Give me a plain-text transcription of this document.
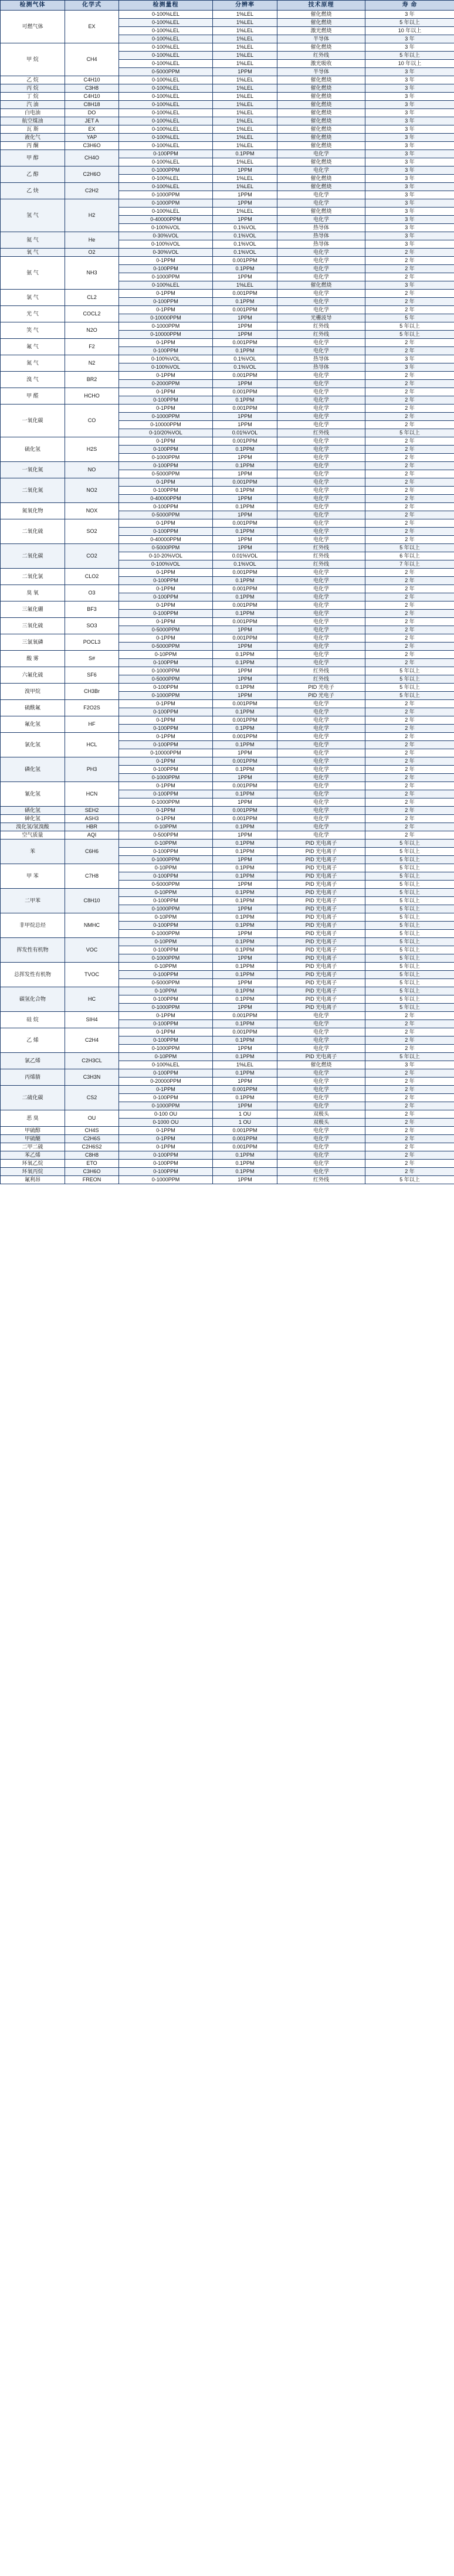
检测气体	化学式	检测量程	分辨率	技术原理	寿 命
可燃气体	EX	0-100%LEL	1%LEL	催化燃烧	3 年
		0-100%LEL	1%LEL	催化燃烧	5 年以上
		0-100%LEL	1%LEL	激光燃烧	10 年以上
		0-100%LEL	1%LEL	半导体	3 年
甲 烷	CH4	0-100%LEL	1%LEL	催化燃烧	3 年
		0-100%LEL	1%LEL	红外线	5 年以上
		0-100%LEL	1%LEL	激光吸收	10 年以上
		0-5000PPM	1PPM	半导体	3 年
乙 烷	C4H10	0-100%LEL	1%LEL	催化燃烧	3 年
丙 烷	C3H8	0-100%LEL	1%LEL	催化燃烧	3 年
丁 烷	C4H10	0-100%LEL	1%LEL	催化燃烧	3 年
汽 油	C8H18	0-100%LEL	1%LEL	催化燃烧	3 年
白电油	DO	0-100%LEL	1%LEL	催化燃烧	3 年
航空煤油	JET A	0-100%LEL	1%LEL	催化燃烧	3 年
瓦 斯	EX	0-100%LEL	1%LEL	催化燃烧	3 年
液化气	YAP	0-100%LEL	1%LEL	催化燃烧	3 年
丙 酮	C3H6O	0-100%LEL	1%LEL	催化燃烧	3 年
甲 醇	CH4O	0-100PPM	0.1PPM	电化学	3 年
		0-100%LEL	1%LEL	催化燃烧	3 年
乙 醇	C2H6O	0-1000PPM	1PPM	电化学	3 年
		0-100%LEL	1%LEL	催化燃烧	3 年
乙 炔	C2H2	0-100%LEL	1%LEL	催化燃烧	3 年
		0-1000PPM	1PPM	电化学	3 年
氢 气	H2	0-1000PPM	1PPM	电化学	3 年
		0-100%LEL	1%LEL	催化燃烧	3 年
		0-40000PPM	1PPM	电化学	3 年
		0-100%VOL	0.1%VOL	热导体	3 年
氦 气	He	0-30%VOL	0.1%VOL	热导体	3 年
		0-100%VOL	0.1%VOL	热导体	3 年
氧 气	O2	0-30%VOL	0.1%VOL	电化学	2 年
氨 气	NH3	0-1PPM	0.001PPM	电化学	2 年
		0-100PPM	0.1PPM	电化学	2 年
		0-1000PPM	1PPM	电化学	2 年
		0-100%LEL	1%LEL	催化燃烧	3 年
氯 气	CL2	0-1PPM	0.001PPM	电化学	2 年
		0-100PPM	0.1PPM	电化学	2 年
光 气	COCL2	0-1PPM	0.001PPM	电化学	2 年
		0-10000PPM	1PPM	光栅波导	5 年
笑 气	N2O	0-1000PPM	1PPM	红外线	5 年以上
		0-10000PPM	1PPM	红外线	5 年以上
氟 气	F2	0-1PPM	0.001PPM	电化学	2 年
		0-100PPM	0.1PPM	电化学	2 年
氮 气	N2	0-100%VOL	0.1%VOL	热导体	3 年
		0-100%VOL	0.1%VOL	热导体	3 年
溴 气	BR2	0-1PPM	0.001PPM	电化学	2 年
		0-2000PPM	1PPM	电化学	2 年
甲 醛	HCHO	0-1PPM	0.001PPM	电化学	2 年
		0-100PPM	0.1PPM	电化学	2 年
一氧化碳	CO	0-1PPM	0.001PPM	电化学	2 年
		0-1000PPM	1PPM	电化学	2 年
		0-10000PPM	1PPM	电化学	2 年
		0-10/20%VOL	0.01%VOL	红外线	5 年以上
硫化氢	H2S	0-1PPM	0.001PPM	电化学	2 年
		0-100PPM	0.1PPM	电化学	2 年
		0-1000PPM	1PPM	电化学	2 年
一氧化氮	NO	0-100PPM	0.1PPM	电化学	2 年
		0-5000PPM	1PPM	电化学	2 年
二氧化氮	NO2	0-1PPM	0.001PPM	电化学	2 年
		0-100PPM	0.1PPM	电化学	2 年
		0-40000PPM	1PPM	电化学	2 年
氮氧化物	NOX	0-100PPM	0.1PPM	电化学	2 年
		0-5000PPM	1PPM	电化学	2 年
二氧化硫	SO2	0-1PPM	0.001PPM	电化学	2 年
		0-100PPM	0.1PPM	电化学	2 年
		0-40000PPM	1PPM	电化学	2 年
二氧化碳	CO2	0-5000PPM	1PPM	红外线	5 年以上
		0-10-20%VOL	0.01%VOL	红外线	6 年以上
		0-100%VOL	0.1%VOL	红外线	7 年以上
二氧化氯	CLO2	0-1PPM	0.001PPM	电化学	2 年
		0-100PPM	0.1PPM	电化学	2 年
臭 氧	O3	0-1PPM	0.001PPM	电化学	2 年
		0-100PPM	0.1PPM	电化学	2 年
三氟化硼	BF3	0-1PPM	0.001PPM	电化学	2 年
		0-100PPM	0.1PPM	电化学	2 年
三氧化硫	SO3	0-1PPM	0.001PPM	电化学	2 年
		0-5000PPM	1PPM	电化学	2 年
三氯氧磷	POCL3	0-1PPM	0.001PPM	电化学	2 年
		0-5000PPM	1PPM	电化学	2 年
酸 雾	S#	0-10PPM	0.1PPM	电化学	2 年
		0-100PPM	0.1PPM	电化学	2 年
六氟化硫	SF6	0-1000PPM	1PPM	红外线	5 年以上
		0-5000PPM	1PPM	红外线	5 年以上
溴甲烷	CH3Br	0-100PPM	0.1PPM	PID 光电子	5 年以上
		0-1000PPM	1PPM	PID 光电子	5 年以上
硫酰氟	F2O2S	0-1PPM	0.001PPM	电化学	2 年
		0-100PPM	0.1PPM	电化学	2 年
氟化氢	HF	0-1PPM	0.001PPM	电化学	2 年
		0-100PPM	0.1PPM	电化学	2 年
氯化氢	HCL	0-1PPM	0.001PPM	电化学	2 年
		0-100PPM	0.1PPM	电化学	2 年
		0-10000PPM	1PPM	电化学	2 年
磷化氢	PH3	0-1PPM	0.001PPM	电化学	2 年
		0-100PPM	0.1PPM	电化学	2 年
		0-1000PPM	1PPM	电化学	2 年
氰化氢	HCN	0-1PPM	0.001PPM	电化学	2 年
		0-100PPM	0.1PPM	电化学	2 年
		0-1000PPM	1PPM	电化学	2 年
硒化氢	SEH2	0-1PPM	0.001PPM	电化学	2 年
砷化氢	ASH3	0-1PPM	0.001PPM	电化学	2 年
溴化氢/氢溴酸	HBR	0-10PPM	0.1PPM	电化学	2 年
空气质量	AQI	0-500PPM	1PPM	电化学	2 年
苯	C6H6	0-10PPM	0.1PPM	PID 光电离子	5 年以上
		0-100PPM	0.1PPM	PID 光电离子	5 年以上
		0-1000PPM	1PPM	PID 光电离子	5 年以上
甲 苯	C7H8	0-10PPM	0.1PPM	PID 光电离子	5 年以上
		0-100PPM	0.1PPM	PID 光电离子	5 年以上
		0-5000PPM	1PPM	PID 光电离子	5 年以上
二甲苯	C8H10	0-10PPM	0.1PPM	PID 光电离子	5 年以上
		0-100PPM	0.1PPM	PID 光电离子	5 年以上
		0-1000PPM	1PPM	PID 光电离子	5 年以上
非甲烷总烃	NMHC	0-10PPM	0.1PPM	PID 光电离子	5 年以上
		0-100PPM	0.1PPM	PID 光电离子	5 年以上
		0-1000PPM	1PPM	PID 光电离子	5 年以上
挥发性有机物	VOC	0-10PPM	0.1PPM	PID 光电离子	5 年以上
		0-100PPM	0.1PPM	PID 光电离子	5 年以上
		0-1000PPM	1PPM	PID 光电离子	5 年以上
总挥发性有机物	TVOC	0-10PPM	0.1PPM	PID 光电离子	5 年以上
		0-100PPM	0.1PPM	PID 光电离子	5 年以上
		0-5000PPM	1PPM	PID 光电离子	5 年以上
碳氢化合物	HC	0-10PPM	0.1PPM	PID 光电离子	5 年以上
		0-100PPM	0.1PPM	PID 光电离子	5 年以上
		0-1000PPM	1PPM	PID 光电离子	5 年以上
硅 烷	SIH4	0-1PPM	0.001PPM	电化学	2 年
		0-100PPM	0.1PPM	电化学	2 年
乙 烯	C2H4	0-1PPM	0.001PPM	电化学	2 年
		0-100PPM	0.1PPM	电化学	2 年
		0-1000PPM	1PPM	电化学	2 年
氯乙烯	C2H3CL	0-10PPM	0.1PPM	PID 光电离子	5 年以上
		0-100%LEL	1%LEL	催化燃烧	3 年
丙烯腈	C3H3N	0-100PPM	0.1PPM	电化学	2 年
		0-20000PPM	1PPM	电化学	2 年
二硫化碳	CS2	0-1PPM	0.001PPM	电化学	2 年
		0-100PPM	0.1PPM	电化学	2 年
		0-1000PPM	1PPM	电化学	2 年
恶 臭	OU	0-100 OU	1 OU	双极头	2 年
		0-1000 OU	1 OU	双极头	2 年
甲硫醇	CH4S	0-1PPM	0.001PPM	电化学	2 年
甲硫醚	C2H6S	0-1PPM	0.001PPM	电化学	2 年
二甲二硫	C2H6S2	0-1PPM	0.001PPM	电化学	2 年
苯乙烯	C8H8	0-100PPM	0.1PPM	电化学	2 年
环氧乙烷	ETO	0-100PPM	0.1PPM	电化学	2 年
环氧丙烷	C3H6O	0-100PPM	0.1PPM	电化学	2 年
氟利昂	FREON	0-1000PPM	1PPM	红外线	5 年以上
